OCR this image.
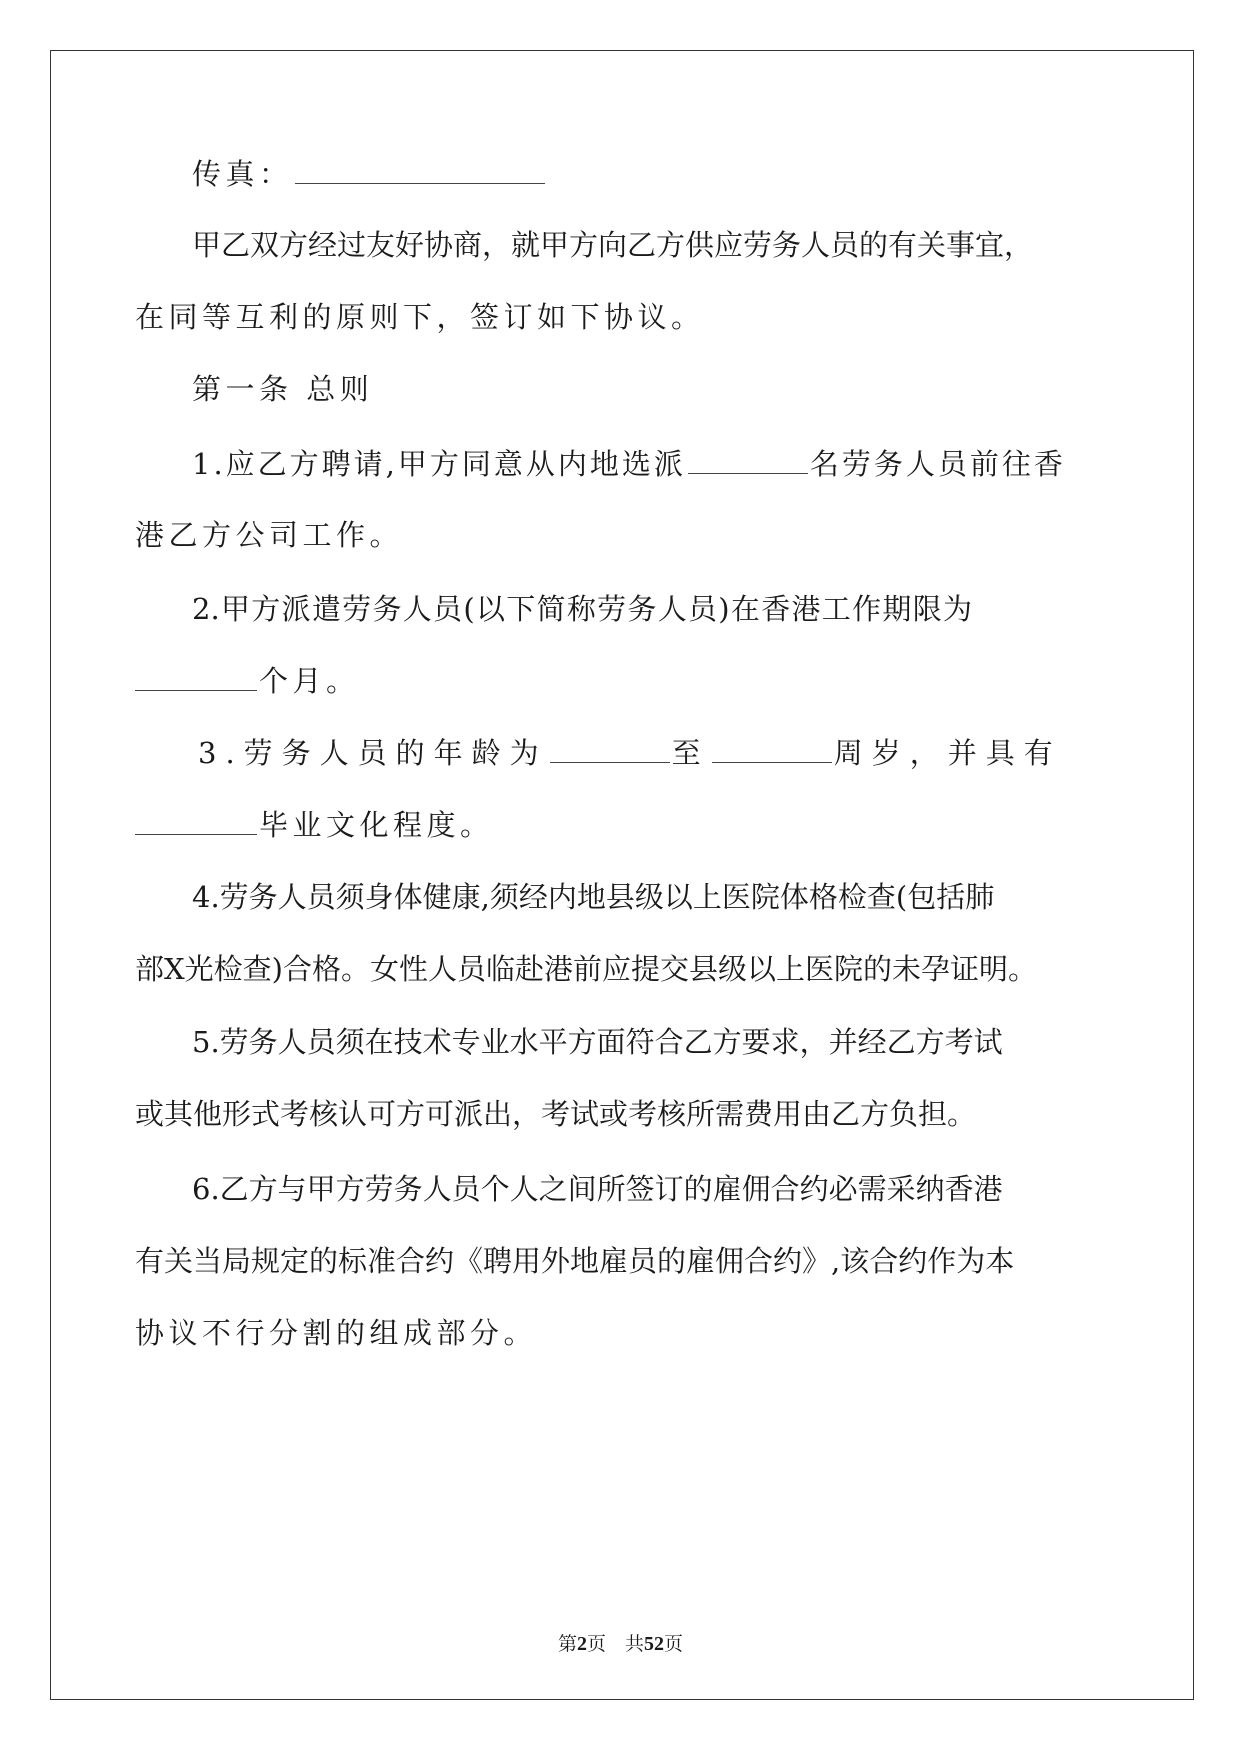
传真：
甲乙双方经过友好协商，就甲方向乙方供应劳务人员的有关事宜，
在同等互利的原则下，签订如下协议。
第一条 总则
1.应乙方聘请,甲方同意从内地选派	名劳务人员前往香
港乙方公司工作。
2.甲方派遣劳务人员(以下简称劳务人员)在香港工作期限为
个月。
3.劳务人员的年龄为	至	周岁，并具有
毕业文化程度。
4.劳务人员须身体健康,须经内地县级以上医院体格检查(包括肺
部X光检查)合格。女性人员临赴港前应提交县级以上医院的未孕证明。
5.劳务人员须在技术专业水平方面符合乙方要求，并经乙方考试
或其他形式考核认可方可派出，考试或考核所需费用由乙方负担。
6.乙方与甲方劳务人员个人之间所签订的雇佣合约必需采纳香港
有关当局规定的标准合约《聘用外地雇员的雇佣合约》,该合约作为本
协议不行分割的组成部分。
第2页　共52页
